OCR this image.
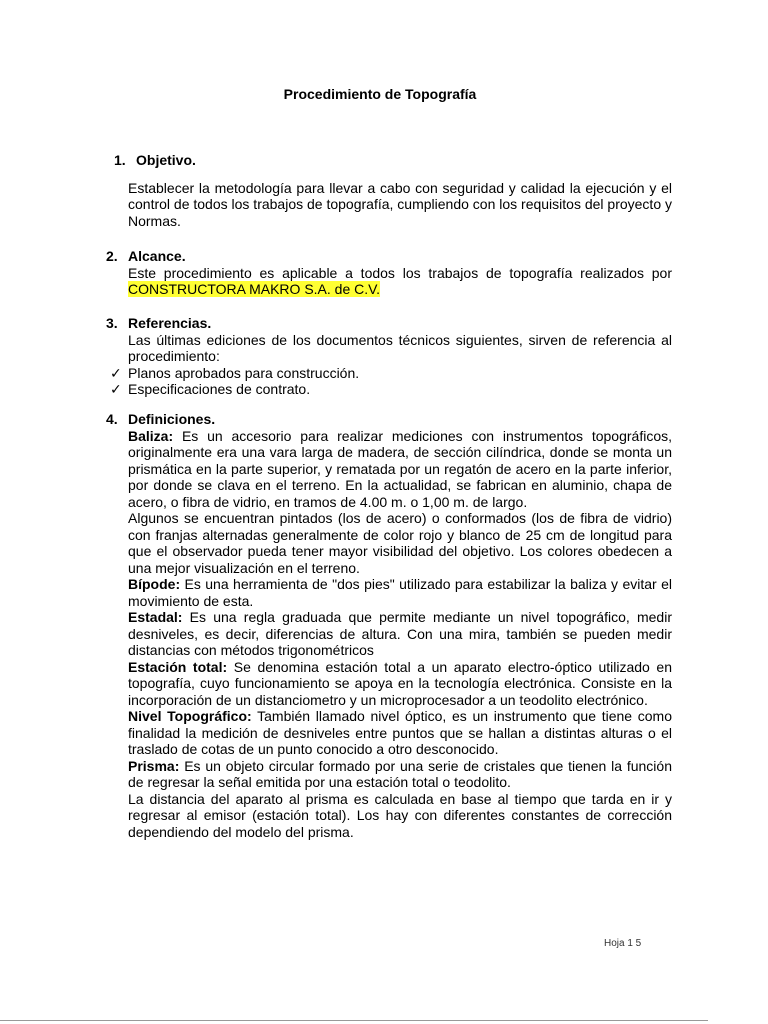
Procedimiento de Topografía
1. Objetivo.
Establecer la metodología para llevar a cabo con seguridad y calidad la ejecución y el control de todos los trabajos de topografía, cumpliendo con los requisitos del proyecto y Normas.
2. Alcance.
Este procedimiento es aplicable a todos los trabajos de topografía realizados por CONSTRUCTORA MAKRO S.A. de C.V.
3. Referencias.
Las últimas ediciones de los documentos técnicos siguientes, sirven de referencia al procedimiento:
✓ Planos aprobados para construcción.
✓ Especificaciones de contrato.
4. Definiciones.
Baliza: Es un accesorio para realizar mediciones con instrumentos topográficos, originalmente era una vara larga de madera, de sección cilíndrica, donde se monta un prismática en la parte superior, y rematada por un regatón de acero en la parte inferior, por donde se clava en el terreno. En la actualidad, se fabrican en aluminio, chapa de acero, o fibra de vidrio, en tramos de 4.00 m. o 1,00 m. de largo.
Algunos se encuentran pintados (los de acero) o conformados (los de fibra de vidrio) con franjas alternadas generalmente de color rojo y blanco de 25 cm de longitud para que el observador pueda tener mayor visibilidad del objetivo. Los colores obedecen a una mejor visualización en el terreno.
Bípode: Es una herramienta de "dos pies" utilizado para estabilizar la baliza y evitar el movimiento de esta.
Estadal: Es una regla graduada que permite mediante un nivel topográfico, medir desniveles, es decir, diferencias de altura. Con una mira, también se pueden medir distancias con métodos trigonométricos
Estación total: Se denomina estación total a un aparato electro-óptico utilizado en topografía, cuyo funcionamiento se apoya en la tecnología electrónica. Consiste en la incorporación de un distanciometro y un microprocesador a un teodolito electrónico.
Nivel Topográfico: También llamado nivel óptico, es un instrumento que tiene como finalidad la medición de desniveles entre puntos que se hallan a distintas alturas o el traslado de cotas de un punto conocido a otro desconocido.
Prisma: Es un objeto circular formado por una serie de cristales que tienen la función de regresar la señal emitida por una estación total o teodolito.
La distancia del aparato al prisma es calculada en base al tiempo que tarda en ir y regresar al emisor (estación total). Los hay con diferentes constantes de corrección dependiendo del modelo del prisma.
Hoja 1 5
